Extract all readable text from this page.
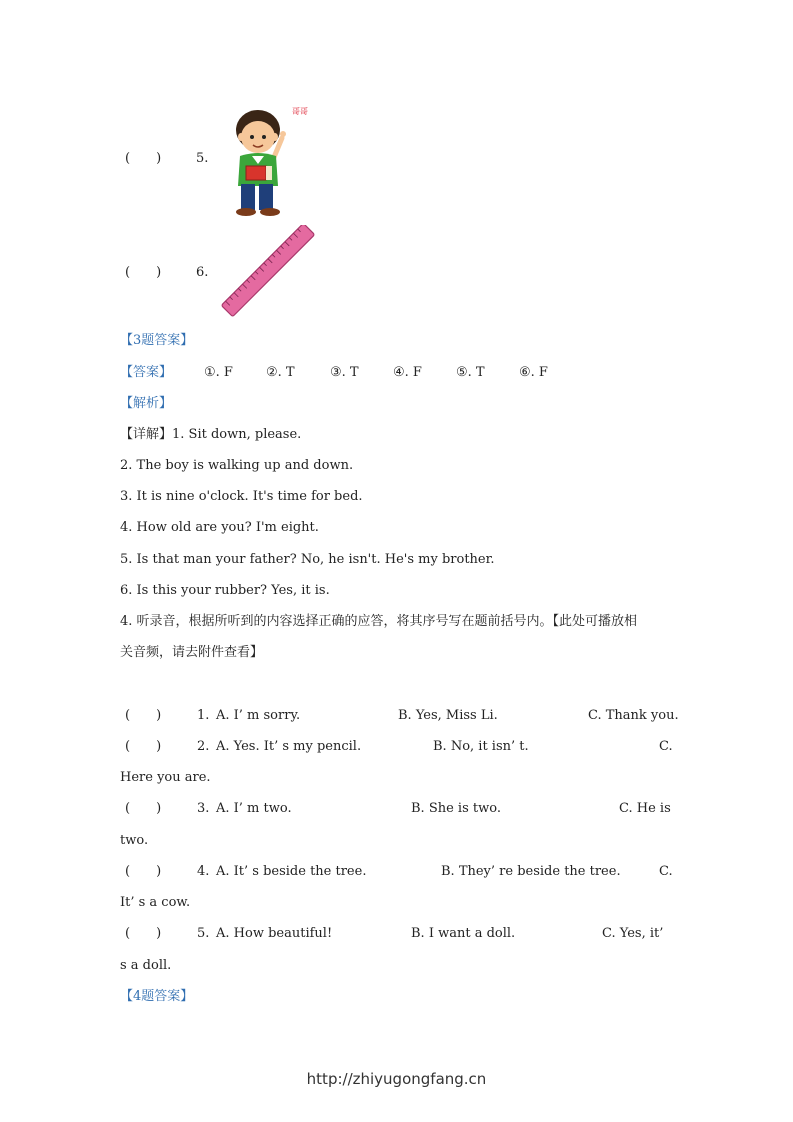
(　　)	5.
哥哥
(　　)	6.
【3题答案】
【答案】 ①. F	②. T	③. T	④. F	⑤. T	⑥. F
【解析】
【详解】1. Sit down, please.
2. The boy is walking up and down.
3. It is nine o'clock. It's time for bed.
4. How old are you? I'm eight.
5. Is that man your father? No, he isn't. He's my brother.
6. Is this your rubber? Yes, it is.
4. 听录音，根据所听到的内容选择正确的应答，将其序号写在题前括号内。【此处可播放相
关音频，请去附件查看】
(　　)	1. A. I’ m sorry.	B. Yes, Miss Li.	C. Thank you.
(　　)	2. A. Yes. It’ s my pencil.	B. No, it isn’ t.	C.
Here you are.
(　　)	3. A. I’ m two.	B. She is two.	C. He is
two.
(　　)	4. A. It’ s beside the tree.	B. They’ re beside the tree.	C.
It’ s a cow.
(　　)	5. A. How beautiful!	B. I want a doll.	C. Yes, it’
s a doll.
【4题答案】
http://zhiyugongfang.cn
